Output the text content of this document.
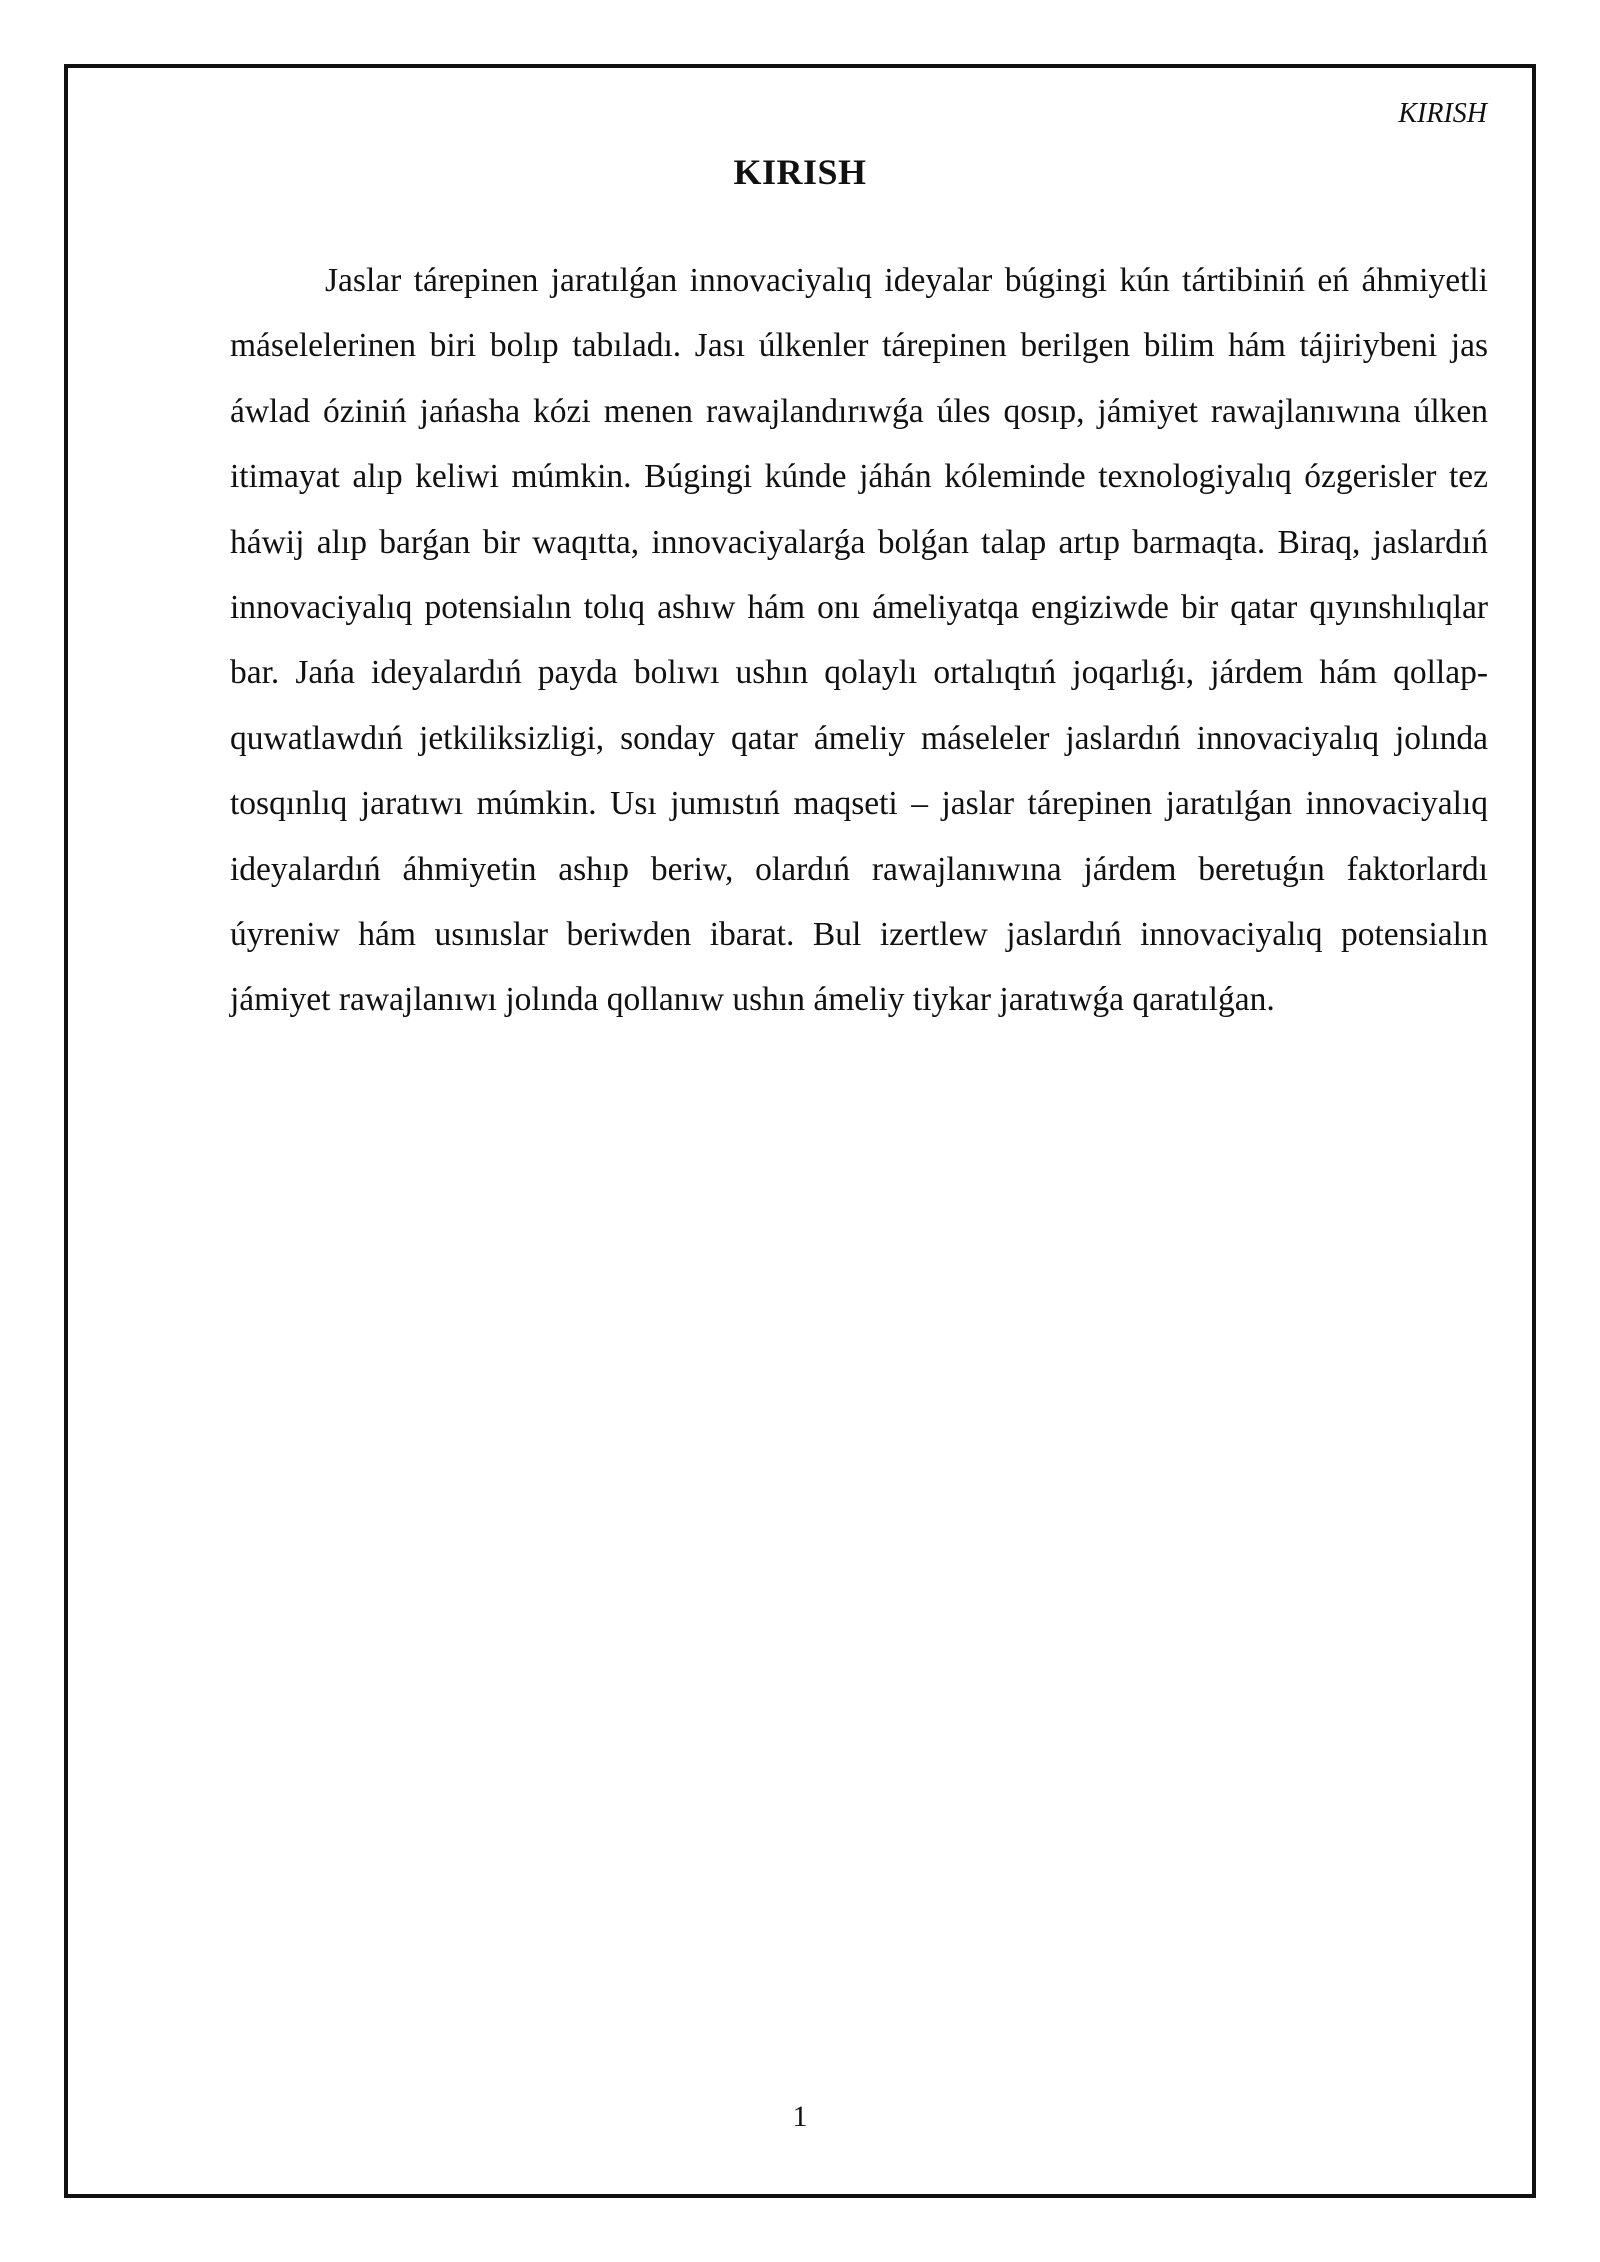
KIRISH
KIRISH

Jaslar tárepinen jaratılǵan innovaciyalıq ideyalar búgingi kún tártibiniń eń áhmiyetli máselelerinen biri bolıp tabıladı. Jası úlkenler tárepinen berilgen bilim hám tájiriybeni jas áwlad óziniń jańasha kózi menen rawajlandırıwǵa úles qosıp, jámiyet rawajlanıwına úlken itimayat alıp keliwi múmkin. Búgingi kúnde jáhán kóleminde texnologiyalıq ózgerisler tez háwij alıp barǵan bir waqıtta, innovaciyalarǵa bolǵan talap artıp barmaqta. Biraq, jaslardıń innovaciyalıq potensialın tolıq ashıw hám onı ámeliyatqa engiziwde bir qatar qıyınshılıqlar bar. Jańa ideyalardıń payda bolıwı ushın qolaylı ortalıqtıń joqarlıǵı, járdem hám qollap-quwatlawdıń jetkiliksizligi, sonday qatar ámeliy máseleler jaslardıń innovaciyalıq jolında tosqınlıq jaratıwı múmkin. Usı jumıstıń maqseti – jaslar tárepinen jaratılǵan innovaciyalıq ideyalardıń áhmiyetin ashıp beriw, olardıń rawajlanıwına járdem beretuǵın faktorlardı úyreniw hám usınıslar beriwden ibarat. Bul izertlew jaslardıń innovaciyalıq potensialın jámiyet rawajlanıwı jolında qollanıw ushın ámeliy tiykar jaratıwǵa qaratılǵan.

1
